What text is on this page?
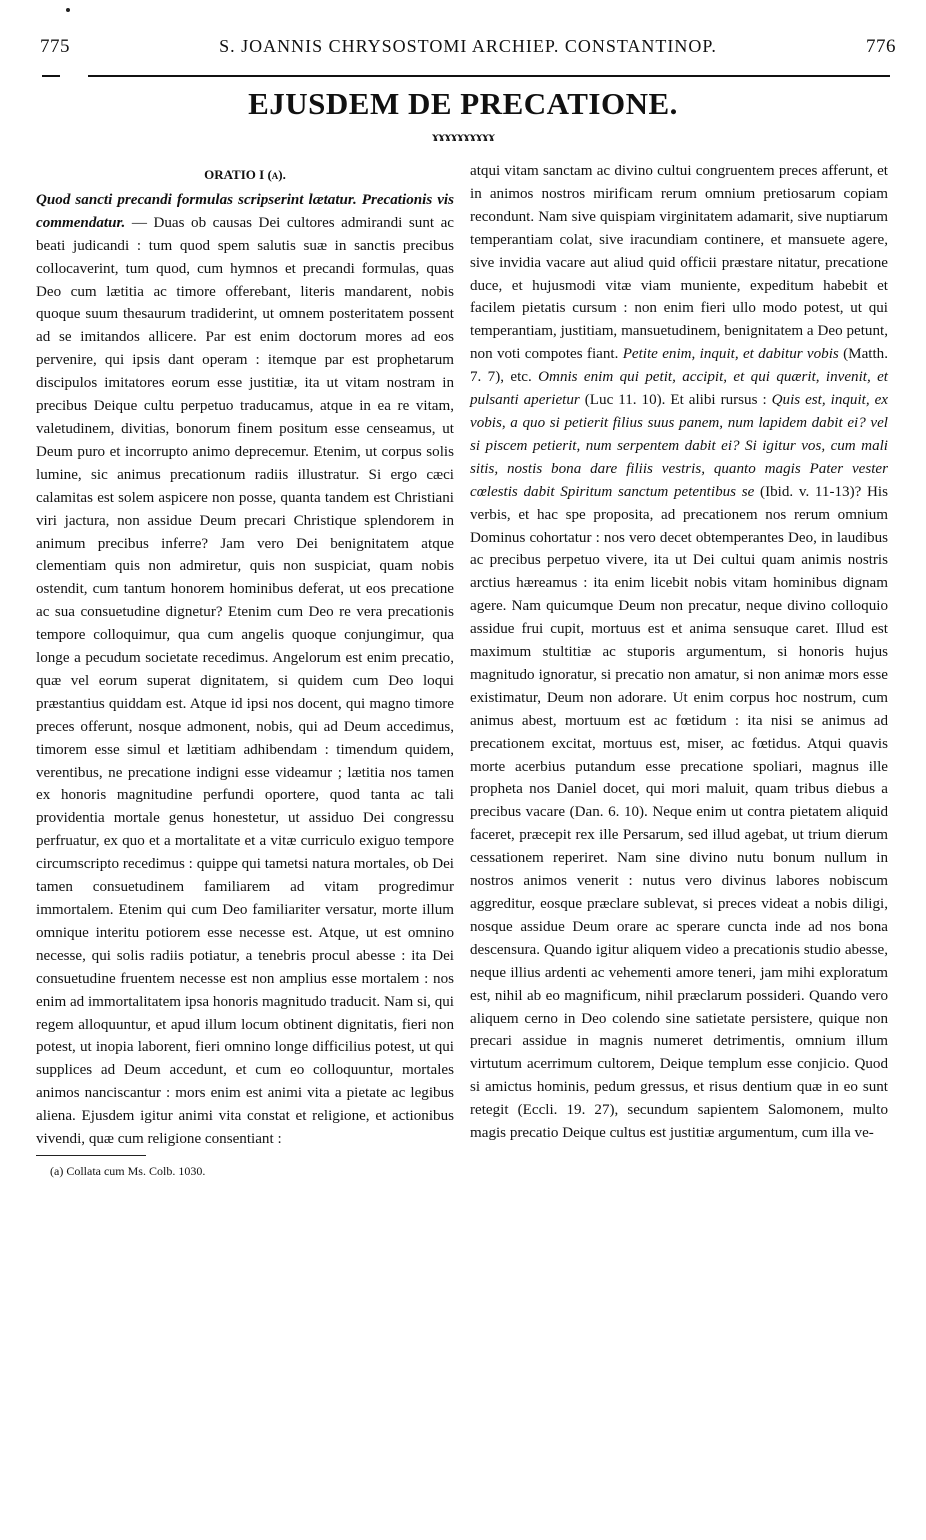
775	S. JOANNIS CHRYSOSTOMI ARCHIEP. CONSTANTINOP.	776
EJUSDEM DE PRECATIONE.
ɤɤɤɤɤɤɤɤɤɤ
ORATIO I (a).

Quod sancti precandi formulas scripserint lætatur. Precationis vis commendatur. — Duas ob causas Dei cultores admirandi sunt ac beati judicandi : tum quod spem salutis suæ in sanctis precibus collocaverint, tum quod, cum hymnos et precandi formulas, quas Deo cum lætitia ac timore offerebant, literis mandarent, nobis quoque suum thesaurum tradiderint, ut omnem posteritatem possent ad se imitandos allicere. Par est enim doctorum mores ad eos pervenire, qui ipsis dant operam : itemque par est prophetarum discipulos imitatores eorum esse justitiæ, ita ut vitam nostram in precibus Deique cultu perpetuo traducamus, atque in ea re vitam, valetudinem, divitias, bonorum finem positum esse censeamus, ut Deum puro et incorrupto animo deprecemur. Etenim, ut corpus solis lumine, sic animus precationum radiis illustratur. Si ergo cæci calamitas est solem aspicere non posse, quanta tandem est Christiani viri jactura, non assidue Deum precari Christique splendorem in animum precibus inferre? Jam vero Dei benignitatem atque clementiam quis non admiretur, quis non suspiciat, quam nobis ostendit, cum tantum honorem hominibus deferat, ut eos precatione ac sua consuetudine dignetur? Etenim cum Deo re vera precationis tempore colloquimur, qua cum angelis quoque conjungimur, qua longe a pecudum societate recedimus. Angelorum est enim precatio, quæ vel eorum superat dignitatem, si quidem cum Deo loqui præstantius quiddam est. Atque id ipsi nos docent, qui magno timore preces offerunt, nosque admonent, nobis, qui ad Deum accedimus, timorem esse simul et lætitiam adhibendam : timendum quidem, verentibus, ne precatione indigni esse videamur ; lætitia nos tamen ex honoris magnitudine perfundi oportere, quod tanta ac tali providentia mortale genus honestetur, ut assiduo Dei congressu perfruatur, ex quo et a mortalitate et a vitæ curriculo exiguo tempore circumscripto recedimus : quippe qui tametsi natura mortales, ob Dei tamen consuetudinem familiarem ad vitam progredimur immortalem. Etenim qui cum Deo familiariter versatur, morte illum omnique interitu potiorem esse necesse est. Atque, ut est omnino necesse, qui solis radiis potiatur, a tenebris procul abesse : ita Dei consuetudine fruentem necesse est non amplius esse mortalem : nos enim ad immortalitatem ipsa honoris magnitudo traducit. Nam si, qui regem alloquuntur, et apud illum locum obtinent dignitatis, fieri non potest, ut inopia laborent, fieri omnino longe difficilius potest, ut qui supplices ad Deum accedunt, et cum eo colloquuntur, mortales animos nanciscantur : mors enim est animi vita a pietate ac legibus aliena. Ejusdem igitur animi vita constat et religione, et actionibus vivendi, quæ cum religione consentiant :

(a) Collata cum Ms. Colb. 1030.

atqui vitam sanctam ac divino cultui congruentem preces afferunt, et in animos nostros mirificam rerum omnium pretiosarum copiam recondunt. Nam sive quispiam virginitatem adamarit, sive nuptiarum temperantiam colat, sive iracundiam continere, et mansuete agere, sive invidia vacare aut aliud quid officii præstare nitatur, precatione duce, et hujusmodi vitæ viam muniente, expeditum habebit et facilem pietatis cursum : non enim fieri ullo modo potest, ut qui temperantiam, justitiam, mansuetudinem, benignitatem a Deo petunt, non voti compotes fiant. Petite enim, inquit, et dabitur vobis (Matth. 7. 7), etc. Omnis enim qui petit, accipit, et qui quærit, invenit, et pulsanti aperietur (Luc 11. 10). Et alibi rursus : Quis est, inquit, ex vobis, a quo si petierit filius suus panem, num lapidem dabit ei? vel si piscem petierit, num serpentem dabit ei? Si igitur vos, cum mali sitis, nostis bona dare filiis vestris, quanto magis Pater vester cœlestis dabit Spiritum sanctum petentibus se (Ibid. v. 11-13)? His verbis, et hac spe proposita, ad precationem nos rerum omnium Dominus cohortatur : nos vero decet obtemperantes Deo, in laudibus ac precibus perpetuo vivere, ita ut Dei cultui quam animis nostris arctius hæreamus : ita enim licebit nobis vitam hominibus dignam agere. Nam quicumque Deum non precatur, neque divino colloquio assidue frui cupit, mortuus est et anima sensuque caret. Illud est maximum stultitiæ ac stuporis argumentum, si honoris hujus magnitudo ignoratur, si precatio non amatur, si non animæ mors esse existimatur, Deum non adorare. Ut enim corpus hoc nostrum, cum animus abest, mortuum est ac fœtidum : ita nisi se animus ad precationem excitat, mortuus est, miser, ac fœtidus. Atqui quavis morte acerbius putandum esse precatione spoliari, magnus ille propheta nos Daniel docet, qui mori maluit, quam tribus diebus a precibus vacare (Dan. 6. 10). Neque enim ut contra pietatem aliquid faceret, præcepit rex ille Persarum, sed illud agebat, ut trium dierum cessationem reperiret. Nam sine divino nutu bonum nullum in nostros animos venerit : nutus vero divinus labores nobiscum aggreditur, eosque præclare sublevat, si preces videat a nobis diligi, nosque assidue Deum orare ac sperare cuncta inde ad nos bona descensura. Quando igitur aliquem video a precationis studio abesse, neque illius ardenti ac vehementi amore teneri, jam mihi exploratum est, nihil ab eo magnificum, nihil præclarum possideri. Quando vero aliquem cerno in Deo colendo sine satietate persistere, quique non precari assidue in magnis numeret detrimentis, omnium illum virtutum acerrimum cultorem, Deique templum esse conjicio. Quod si amictus hominis, pedum gressus, et risus dentium quæ in eo sunt retegit (Eccli. 19. 27), secundum sapientem Salomonem, multo magis precatio Deique cultus est justitiæ argumentum, cum illa ve-
